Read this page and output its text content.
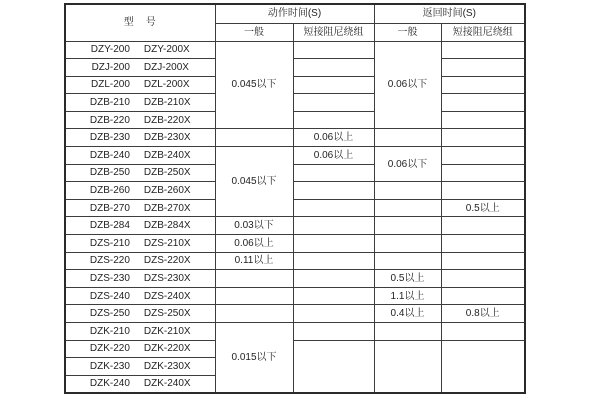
型　号	动作时间(S)		返回时间(S)	
	一般	短接阻尼绕组	一般	短接阻尼绕组
DZY-200 DZY-200X	0.045以下		0.06以下	
DZJ-200 DZJ-200X				
DZL-200 DZL-200X				
DZB-210 DZB-210X				
DZB-220 DZB-220X				
DZB-230 DZB-230X		0.06以上		
DZB-240 DZB-240X	0.045以下	0.06以上	0.06以下	
DZB-250 DZB-250X				
DZB-260 DZB-260X				
DZB-270 DZB-270X				0.5以上
DZB-284 DZB-284X	0.03以下			
DZS-210 DZS-210X	0.06以上			
DZS-220 DZS-220X	0.11以上			
DZS-230 DZS-230X			0.5以上	
DZS-240 DZS-240X			1.1以上	
DZS-250 DZS-250X			0.4以上	0.8以上
DZK-210 DZK-210X	0.015以下			
DZK-220 DZK-220X				
DZK-230 DZK-230X				
DZK-240 DZK-240X				
